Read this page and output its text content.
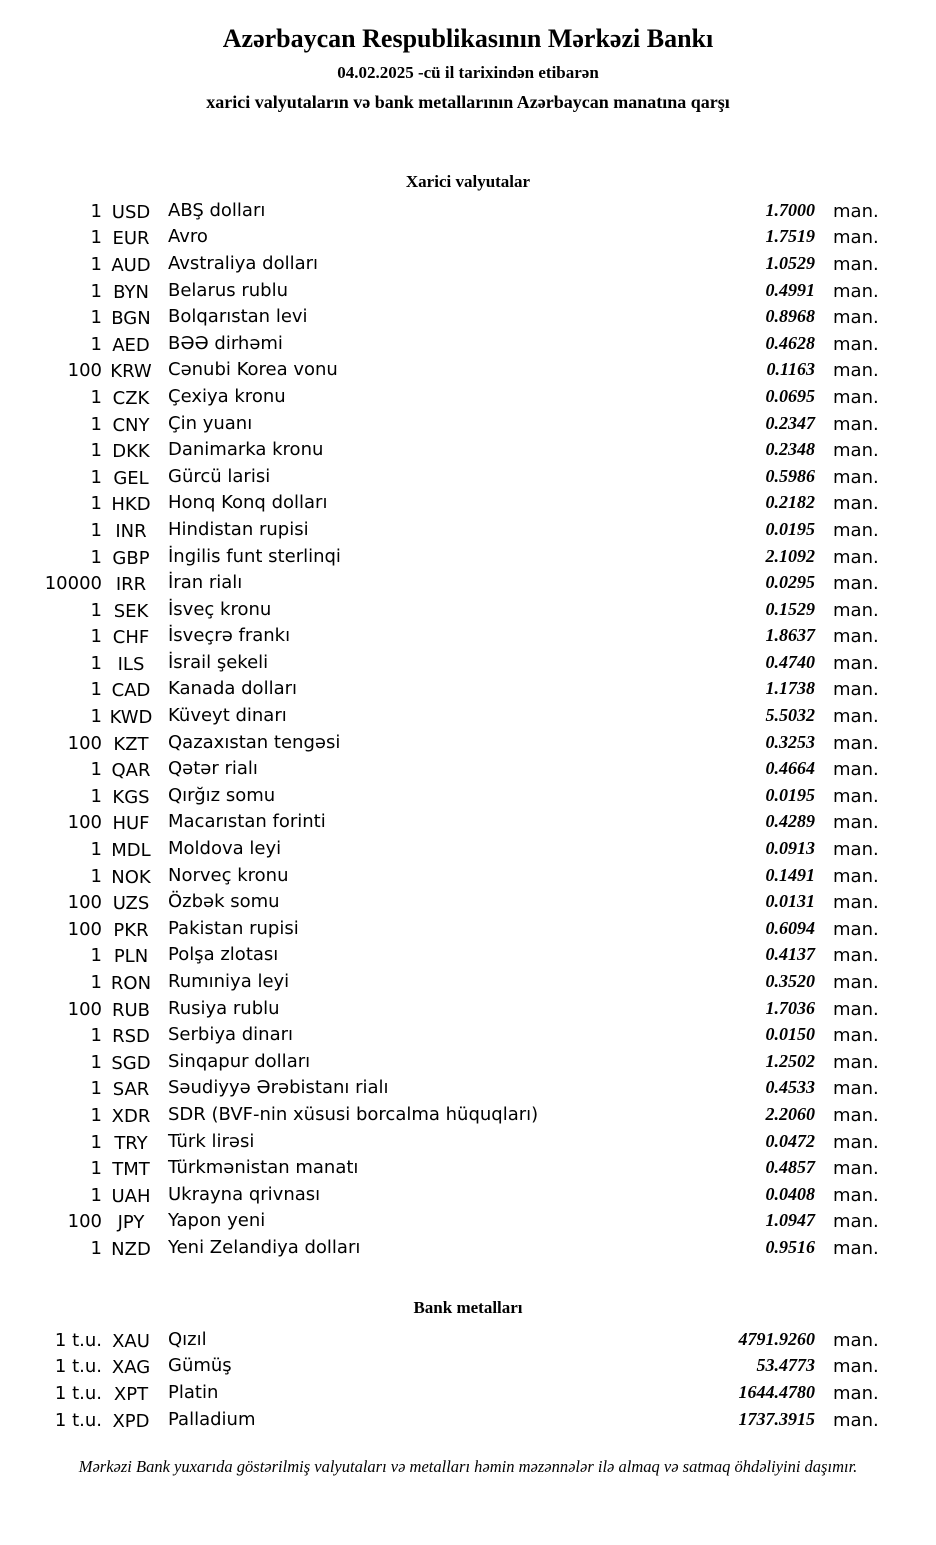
Azərbaycan Respublikasının Mərkəzi Bankı
04.02.2025 -cü il tarixindən etibarən
xarici valyutaların və bank metallarının Azərbaycan manatına qarşı
Xarici valyutalar
1 USD ABŞ dolları	1.7000	man.
1 EUR	Avro	1.7519	man.
1 AUD Avstraliya dolları	1.0529	man.
1 BYN	Belarus rublu	0.4991	man.
1 BGN Bolqarıstan levi	0.8968	man.
1 AED	BƏƏ dirhəmi	0.4628	man.
100 KRW Cənubi Korea vonu	0.1163	man.
1 CZK	Çexiya kronu	0.0695	man.
1 CNY	Çin yuanı	0.2347	man.
1 DKK	Danimarka kronu	0.2348	man.
1 GEL	Gürcü larisi	0.5986	man.
1 HKD Honq Konq dolları	0.2182	man.
1 INR	Hindistan rupisi	0.0195	man.
1 GBP	İngilis funt sterlinqi	2.1092	man.
10000 IRR	İran rialı	0.0295	man.
1 SEK	İsveç kronu	0.1529	man.
1 CHF	İsveçrə frankı	1.8637	man.
1 ILS	İsrail şekeli	0.4740	man.
1 CAD Kanada dolları	1.1738	man.
1 KWD Küveyt dinarı	5.5032	man.
100 KZT	Qazaxıstan tengəsi	0.3253	man.
1 QAR Qətər rialı	0.4664	man.
1 KGS	Qırğız somu	0.0195	man.
100 HUF	Macarıstan forinti	0.4289	man.
1 MDL Moldova leyi	0.0913	man.
1 NOK Norveç kronu	0.1491	man.
100 UZS	Özbək somu	0.0131	man.
100 PKR	Pakistan rupisi	0.6094	man.
1 PLN	Polşa zlotası	0.4137	man.
1 RON Rumıniya leyi	0.3520	man.
100 RUB Rusiya rublu	1.7036	man.
1 RSD	Serbiya dinarı	0.0150	man.
1 SGD Sinqapur dolları	1.2502	man.
1 SAR	Səudiyyə Ərəbistanı rialı	0.4533	man.
1 XDR SDR (BVF-nin xüsusi borcalma hüquqları)	2.2060	man.
1 TRY	Türk lirəsi	0.0472	man.
1 TMT	Türkmənistan manatı	0.4857	man.
1 UAH Ukrayna qrivnası	0.0408	man.
100 JPY	Yapon yeni	1.0947	man.
1 NZD Yeni Zelandiya dolları	0.9516	man.
Bank metalları
1 t.u. XAU	Qızıl	4791.9260	man.
1 t.u. XAG Gümüş	53.4773	man.
1 t.u. XPT	Platin	1644.4780	man.
1 t.u. XPD	Palladium	1737.3915	man.
Mərkəzi Bank yuxarıda göstərilmiş valyutaları və metalları həmin məzənnələr ilə almaq və satmaq öhdəliyini daşımır.
